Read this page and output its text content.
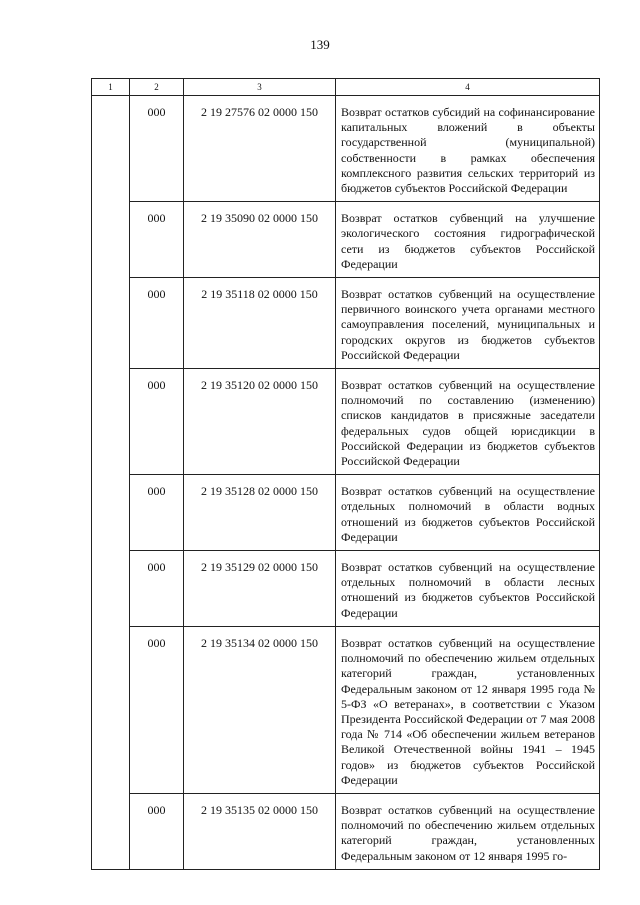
139
1	2	3	4
	000	2 19 27576 02 0000 150	Возврат остатков субсидий на софинансирование капитальных вложений в объекты государственной (муниципальной) собственности в рамках обеспечения комплексного развития сельских территорий из бюджетов субъектов Российской Федерации
	000	2 19 35090 02 0000 150	Возврат остатков субвенций на улучшение экологического состояния гидрографической сети из бюджетов субъектов Российской Федерации
	000	2 19 35118 02 0000 150	Возврат остатков субвенций на осуществление первичного воинского учета органами местного самоуправления поселений, муниципальных и городских округов из бюджетов субъектов Российской Федерации
	000	2 19 35120 02 0000 150	Возврат остатков субвенций на осуществление полномочий по составлению (изменению) списков кандидатов в присяжные заседатели федеральных судов общей юрисдикции в Российской Федерации из бюджетов субъектов Российской Федерации
	000	2 19 35128 02 0000 150	Возврат остатков субвенций на осуществление отдельных полномочий в области водных отношений из бюджетов субъектов Российской Федерации
	000	2 19 35129 02 0000 150	Возврат остатков субвенций на осуществление отдельных полномочий в области лесных отношений из бюджетов субъектов Российской Федерации
	000	2 19 35134 02 0000 150	Возврат остатков субвенций на осуществление полномочий по обеспечению жильем отдельных категорий граждан, установленных Федеральным законом от 12 января 1995 года № 5-ФЗ «О ветеранах», в соответствии с Указом Президента Российской Федерации от 7 мая 2008 года № 714 «Об обеспечении жильем ветеранов Великой Отечественной войны 1941 – 1945 годов» из бюджетов субъектов Российской Федерации
	000	2 19 35135 02 0000 150	Возврат остатков субвенций на осуществление полномочий по обеспечению жильем отдельных категорий граждан, установленных Федеральным законом от 12 января 1995 го-
